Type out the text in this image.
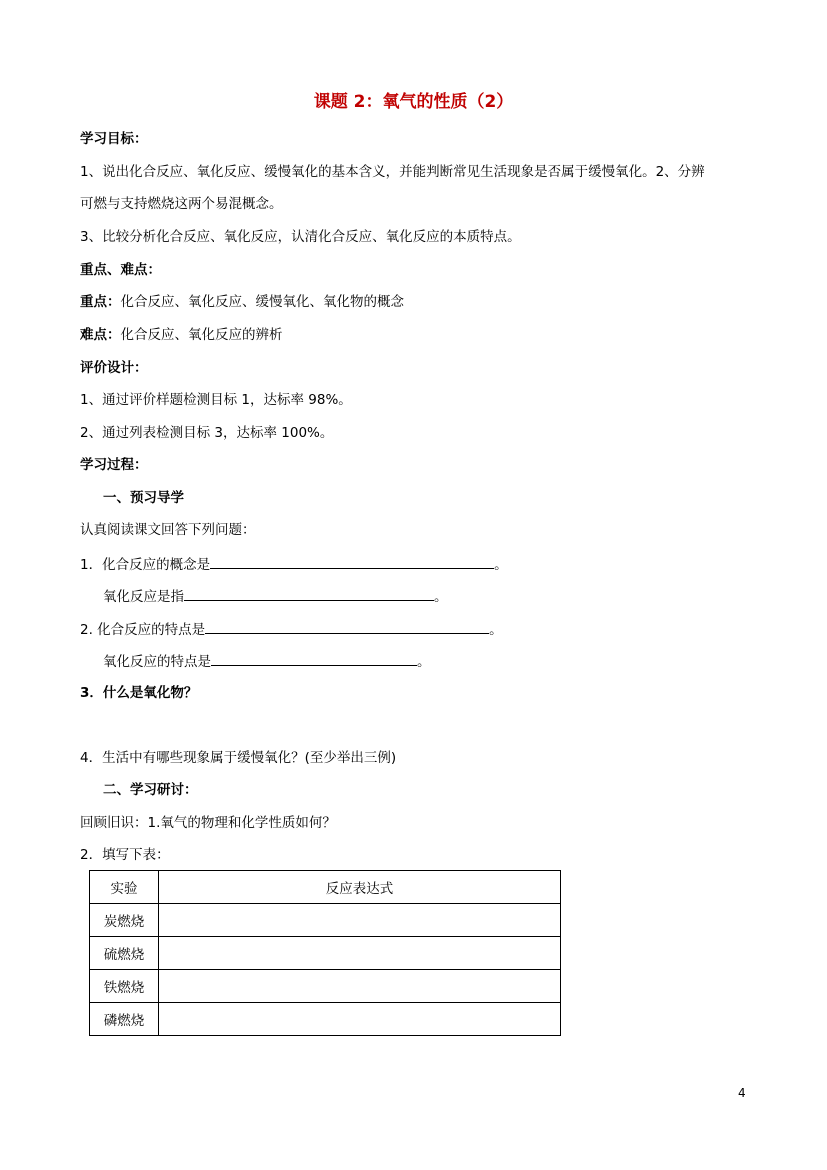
课题 2：氧气的性质（2）
学习目标：
1、说出化合反应、氧化反应、缓慢氧化的基本含义，并能判断常见生活现象是否属于缓慢氧化。2、分辨
可燃与支持燃烧这两个易混概念。
3、比较分析化合反应、氧化反应，认清化合反应、氧化反应的本质特点。
重点、难点：
重点：化合反应、氧化反应、缓慢氧化、氧化物的概念
难点：化合反应、氧化反应的辨析
评价设计：
1、通过评价样题检测目标 1，达标率 98%。
2、通过列表检测目标 3，达标率 100%。
学习过程：
一、预习导学
认真阅读课文回答下列问题：
1．化合反应的概念是	。
氧化反应是指	。
2. 化合反应的特点是	。
氧化反应的特点是	。
3．什么是氧化物？
4．生活中有哪些现象属于缓慢氧化？(至少举出三例)
二、学习研讨：
回顾旧识：1.氧气的物理和化学性质如何？
2．填写下表：
实验	反应表达式
炭燃烧	
硫燃烧	
铁燃烧	
磷燃烧	
4
